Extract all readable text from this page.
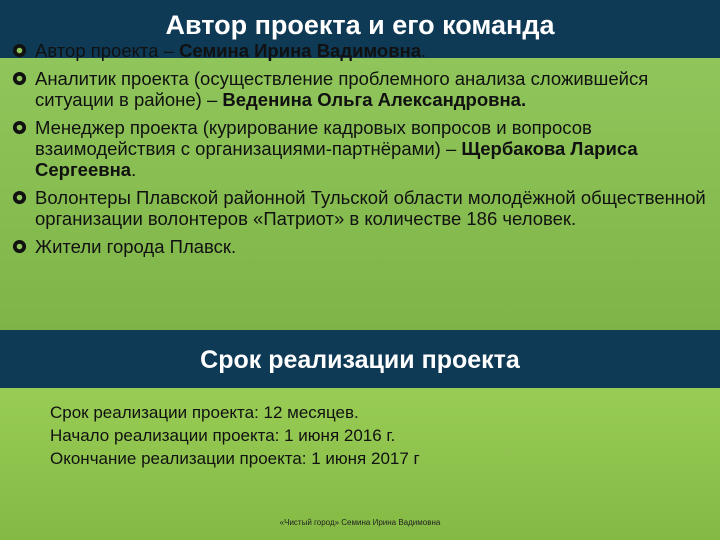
Автор проекта и его команда
Автор проекта – Семина Ирина Вадимовна.
Аналитик проекта (осуществление проблемного анализа сложившейся ситуации в районе) – Веденина Ольга Александровна.
Менеджер проекта (курирование кадровых вопросов и вопросов взаимодействия с организациями-партнёрами) – Щербакова Лариса Сергеевна.
Волонтеры Плавской районной Тульской области молодёжной общественной организации волонтеров «Патриот» в количестве 186 человек.
Жители города Плавск.
Срок реализации проекта
Срок реализации проекта: 12 месяцев.
Начало реализации проекта: 1 июня 2016 г.
Окончание реализации проекта: 1 июня 2017 г
«Чистый город» Семина Ирина Вадимовна
